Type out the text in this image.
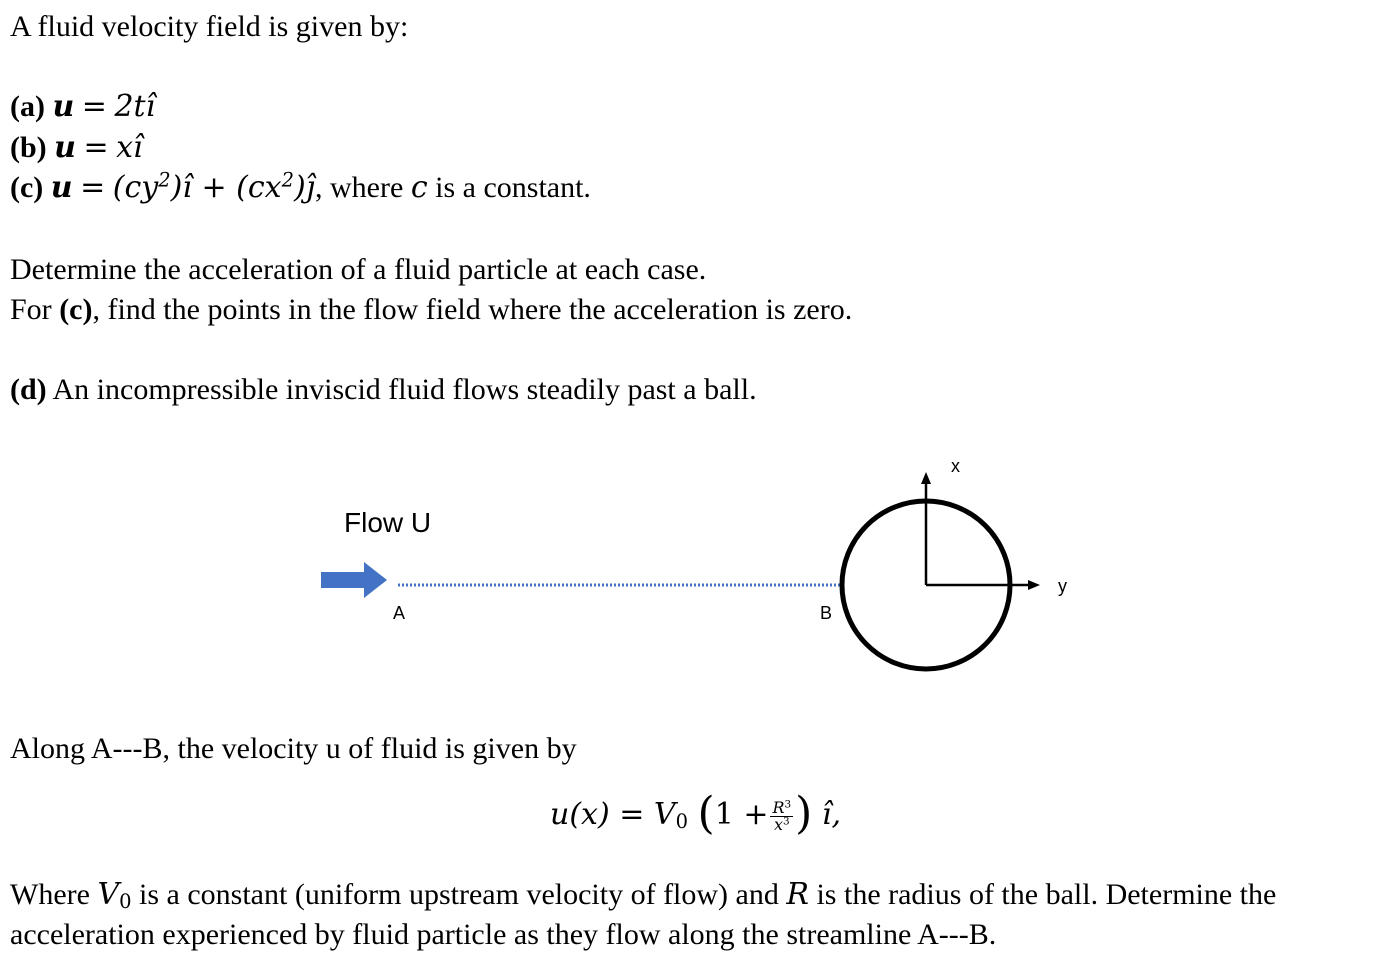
A fluid velocity field is given by:
(a) u = 2tî
(b) u = xî
(c) $u = (cy^2)î$ + $(cx^2)ĵ$, where c is a constant.
Determine the acceleration of a fluid particle at each case.
For (c), find the points in the flow field where the acceleration is zero.
(d) An incompressible inviscid fluid flows steadily past a ball.
Flow U
A	B
x
y
Along A---B, the velocity u of fluid is given by
$u(x) = V_0$ ($1 + \frac{R^3}{x^3}$ ) ı̂,
Where $V_0$ is a constant (uniform upstream velocity of flow) and R is the radius of the ball. Determine the
acceleration experienced by fluid particle as they flow along the streamline A---B.
